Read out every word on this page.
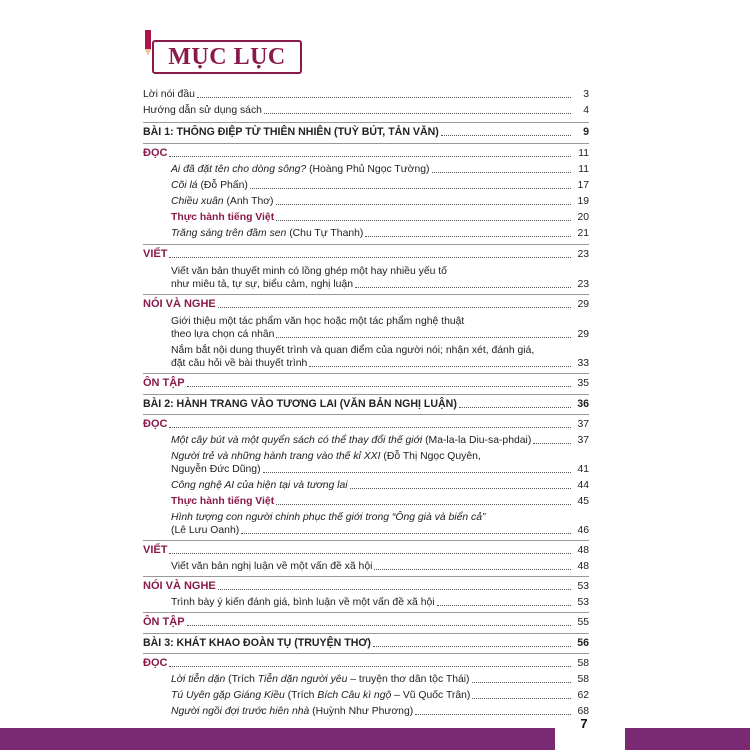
MỤC LỤC
Lời nói đầu	3
Hướng dẫn sử dụng sách	4
BÀI 1: THÔNG ĐIỆP TỪ THIÊN NHIÊN (TUỲ BÚT, TẢN VĂN)	9
ĐỌC	11
Ai đã đặt tên cho dòng sông? (Hoàng Phủ Ngọc Tường)	11
Cõi lá (Đỗ Phấn)	17
Chiều xuân (Anh Thơ)	19
Thực hành tiếng Việt	20
Trăng sáng trên đầm sen (Chu Tự Thanh)	21
VIẾT	23
Viết văn bản thuyết minh có lồng ghép một hay nhiều yếu tố
như miêu tả, tự sự, biểu cảm, nghị luận	23
NÓI VÀ NGHE	29
Giới thiệu một tác phẩm văn học hoặc một tác phẩm nghệ thuật
theo lựa chọn cá nhân	29
Nắm bắt nội dung thuyết trình và quan điểm của người nói; nhận xét, đánh giá,
đặt câu hỏi về bài thuyết trình	33
ÔN TẬP	35
BÀI 2: HÀNH TRANG VÀO TƯƠNG LAI (VĂN BẢN NGHỊ LUẬN)	36
ĐỌC	37
Một cây bút và một quyển sách có thể thay đổi thế giới (Ma-la-la Diu-sa-phdai)	37
Người trẻ và những hành trang vào thế kỉ XXI (Đỗ Thị Ngọc Quyên,
Nguyễn Đức Dũng)	41
Công nghệ AI của hiện tại và tương lai	44
Thực hành tiếng Việt	45
Hình tượng con người chinh phục thế giới trong “Ông già và biển cả”
(Lê Lưu Oanh)	46
VIẾT	48
Viết văn bản nghị luận về một vấn đề xã hội	48
NÓI VÀ NGHE	53
Trình bày ý kiến đánh giá, bình luận về một vấn đề xã hội	53
ÔN TẬP	55
BÀI 3: KHÁT KHAO ĐOÀN TỤ (TRUYỆN THƠ)	56
ĐỌC	58
Lời tiễn dặn (Trích Tiễn dặn người yêu – truyện thơ dân tộc Thái)	58
Tú Uyên gặp Giáng Kiều (Trích Bích Câu kì ngộ – Vũ Quốc Trân)	62
Người ngồi đợi trước hiên nhà (Huỳnh Như Phương)	68
7
